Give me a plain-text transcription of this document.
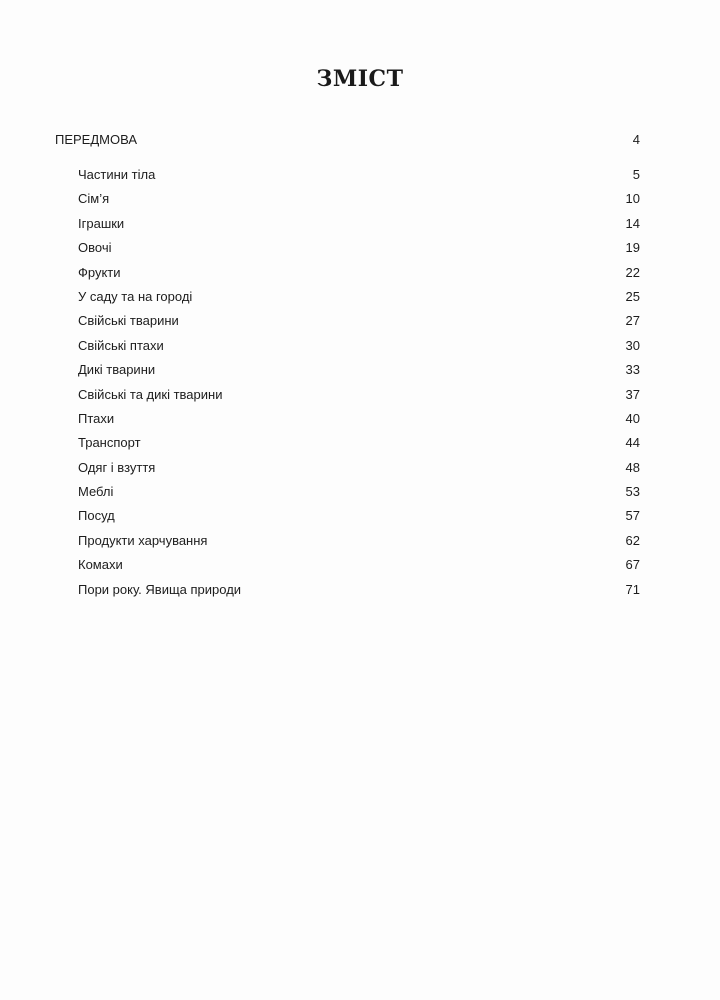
ЗМІСТ
ПЕРЕДМОВА	4
Частини тіла	5
Сім’я	10
Іграшки	14
Овочі	19
Фрукти	22
У саду та на городі	25
Свійські тварини	27
Свійські птахи	30
Дикі тварини	33
Свійські та дикі тварини	37
Птахи	40
Транспорт	44
Одяг і взуття	48
Меблі	53
Посуд	57
Продукти харчування	62
Комахи	67
Пори року. Явища природи	71
